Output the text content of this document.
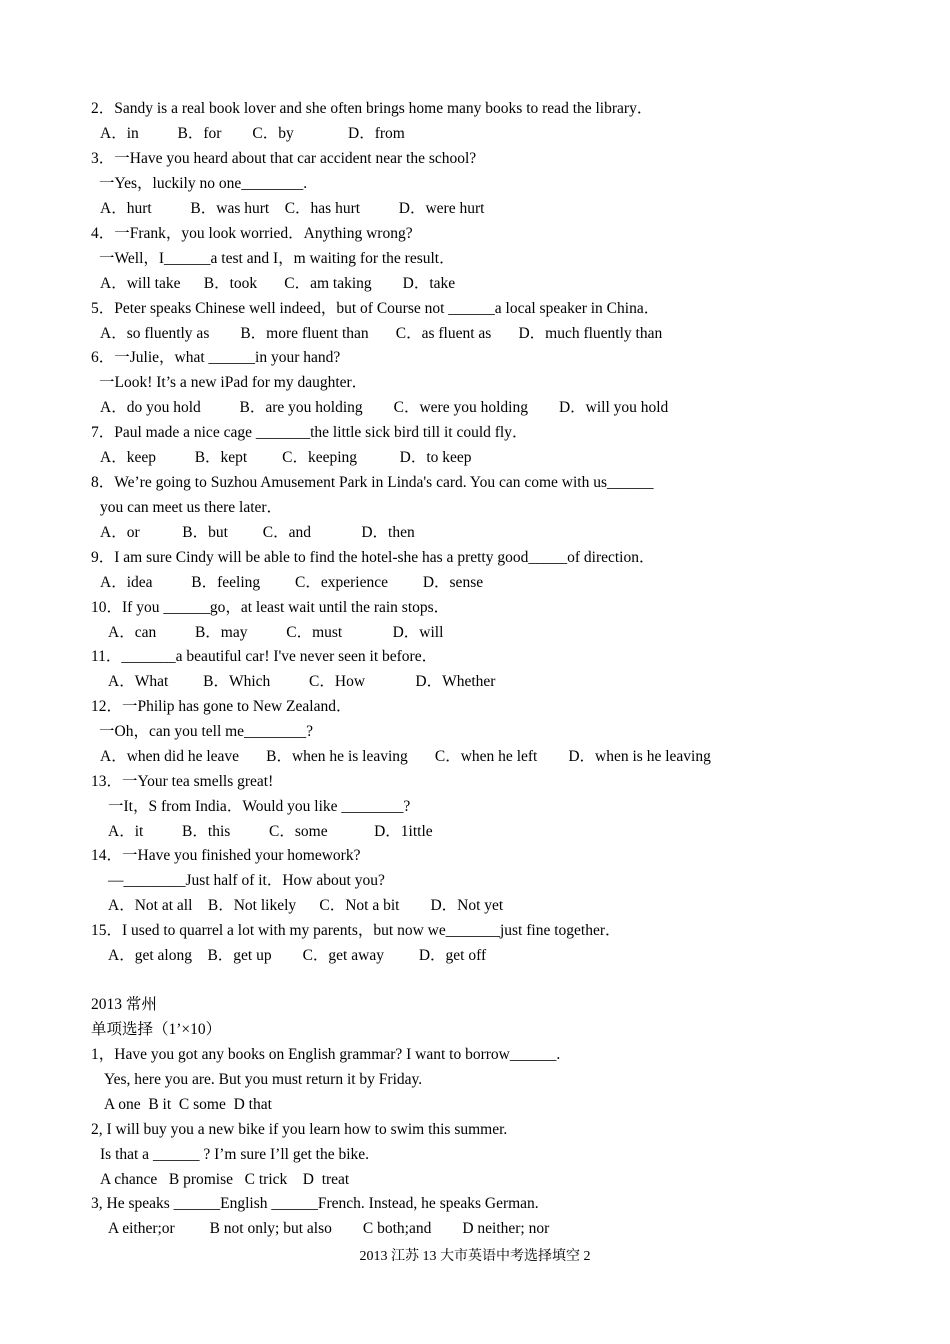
2．Sandy is a real book lover and she often brings home many books to read the library．
A．in          B．for        C．by              D．from
3．一Have you heard about that car accident near the school?
一Yes，luckily no one________.
A．hurt          B．was hurt    C．has hurt          D．were hurt
4．一Frank，you look worried．Anything wrong?
一Well，I______a test and I，m waiting for the result．
A．will take      B．took       C．am taking        D．take
5．Peter speaks Chinese well indeed，but of Course not ______a local speaker in China．
A．so fluently as        B．more fluent than       C．as fluent as       D．much fluently than
6．一Julie，what ______in your hand?
一Look! It’s a new iPad for my daughter．
A．do you hold          B．are you holding        C．were you holding        D．will you hold
7．Paul made a nice cage _______the little sick bird till it could fly．
A．keep          B．kept         C．keeping           D．to keep
8．We’re going to Suzhou Amusement Park in Linda's card. You can come with us______
you can meet us there later．
A．or           B．but         C．and             D．then
9．I am sure Cindy will be able to find the hotel-she has a pretty good_____of direction．
A．idea          B．feeling         C．experience         D．sense
10．If you ______go，at least wait until the rain stops．
A．can          B．may          C．must             D．will
11．_______a beautiful car! I've never seen it before．
A．What         B．Which          C．How             D．Whether
12．一Philip has gone to New Zealand．
一Oh，can you tell me________?
A．when did he leave       B．when he is leaving       C．when he left        D．when is he leaving
13．一Your tea smells great!
一It，S from India．Would you like ________?
A．it          B．this          C．some            D．1ittle
14．一Have you finished your homework?
—________Just half of it．How about you?
A．Not at all    B．Not likely      C．Not a bit        D．Not yet
15．I used to quarrel a lot with my parents，but now we_______just fine together．
A．get along    B．get up        C．get away         D．get off
2013 常州
单项选择（1’×10）
1，Have you got any books on English grammar? I want to borrow______.
Yes, here you are. But you must return it by Friday.
A one  B it  C some  D that
2, I will buy you a new bike if you learn how to swim this summer.
Is that a ______ ? I’m sure I’ll get the bike.
A chance   B promise   C trick    D  treat
3, He speaks ______English ______French. Instead, he speaks German.
A either;or         B not only; but also        C both;and        D neither; nor
2013 江苏 13 大市英语中考选择填空 2
